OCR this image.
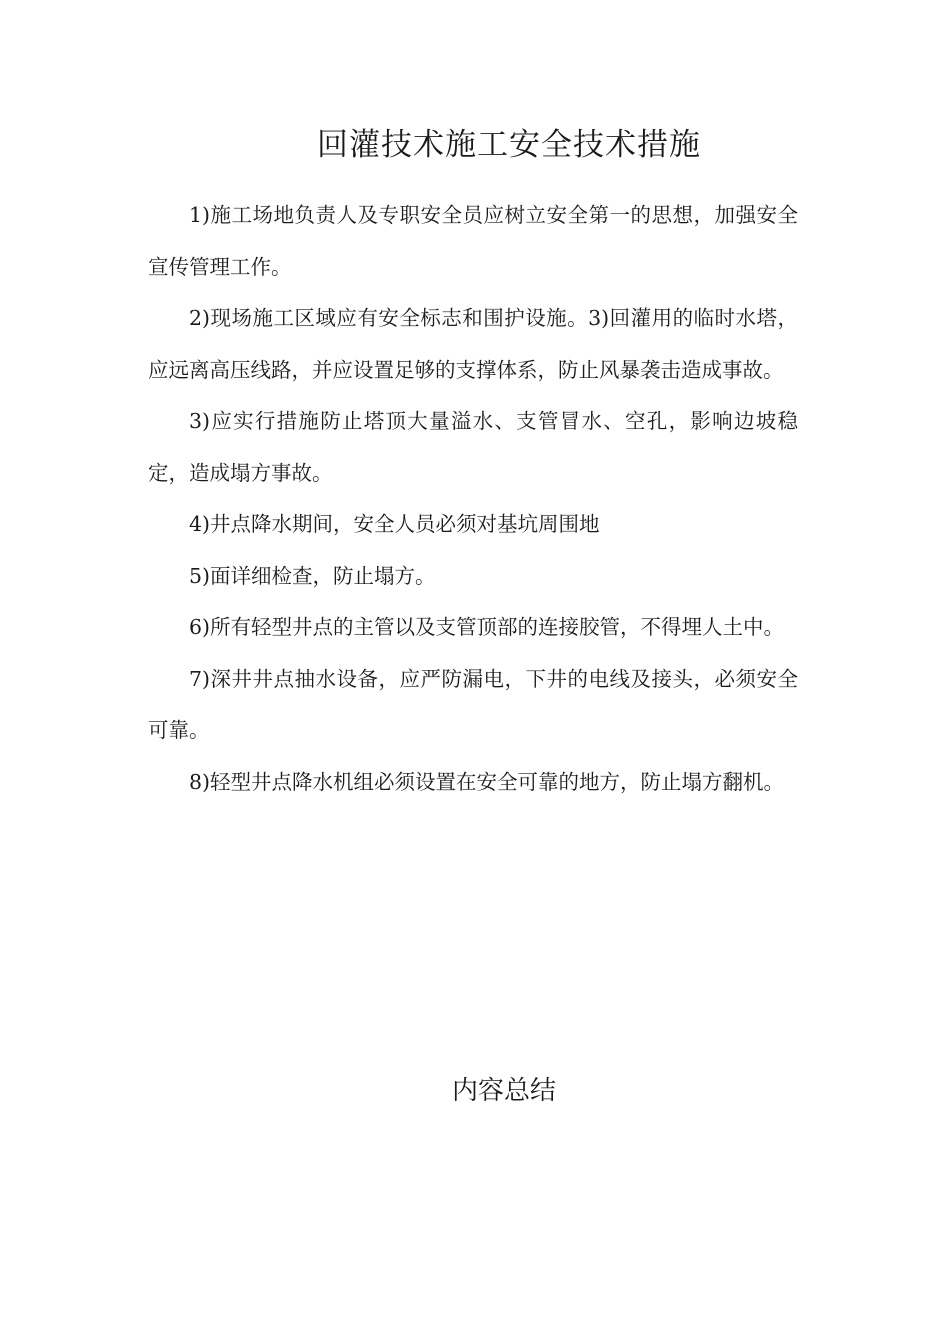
回灌技术施工安全技术措施

1)施工场地负责人及专职安全员应树立安全第一的思想，加强安全宣传管理工作。

2)现场施工区域应有安全标志和围护设施。3)回灌用的临时水塔，应远离高压线路，并应设置足够的支撑体系，防止风暴袭击造成事故。

3)应实行措施防止塔顶大量溢水、支管冒水、空孔，影响边坡稳定，造成塌方事故。

4)井点降水期间，安全人员必须对基坑周围地

5)面详细检查，防止塌方。

6)所有轻型井点的主管以及支管顶部的连接胶管，不得埋人土中。

7)深井井点抽水设备，应严防漏电，下井的电线及接头，必须安全可靠。

8)轻型井点降水机组必须设置在安全可靠的地方，防止塌方翻机。

内容总结
